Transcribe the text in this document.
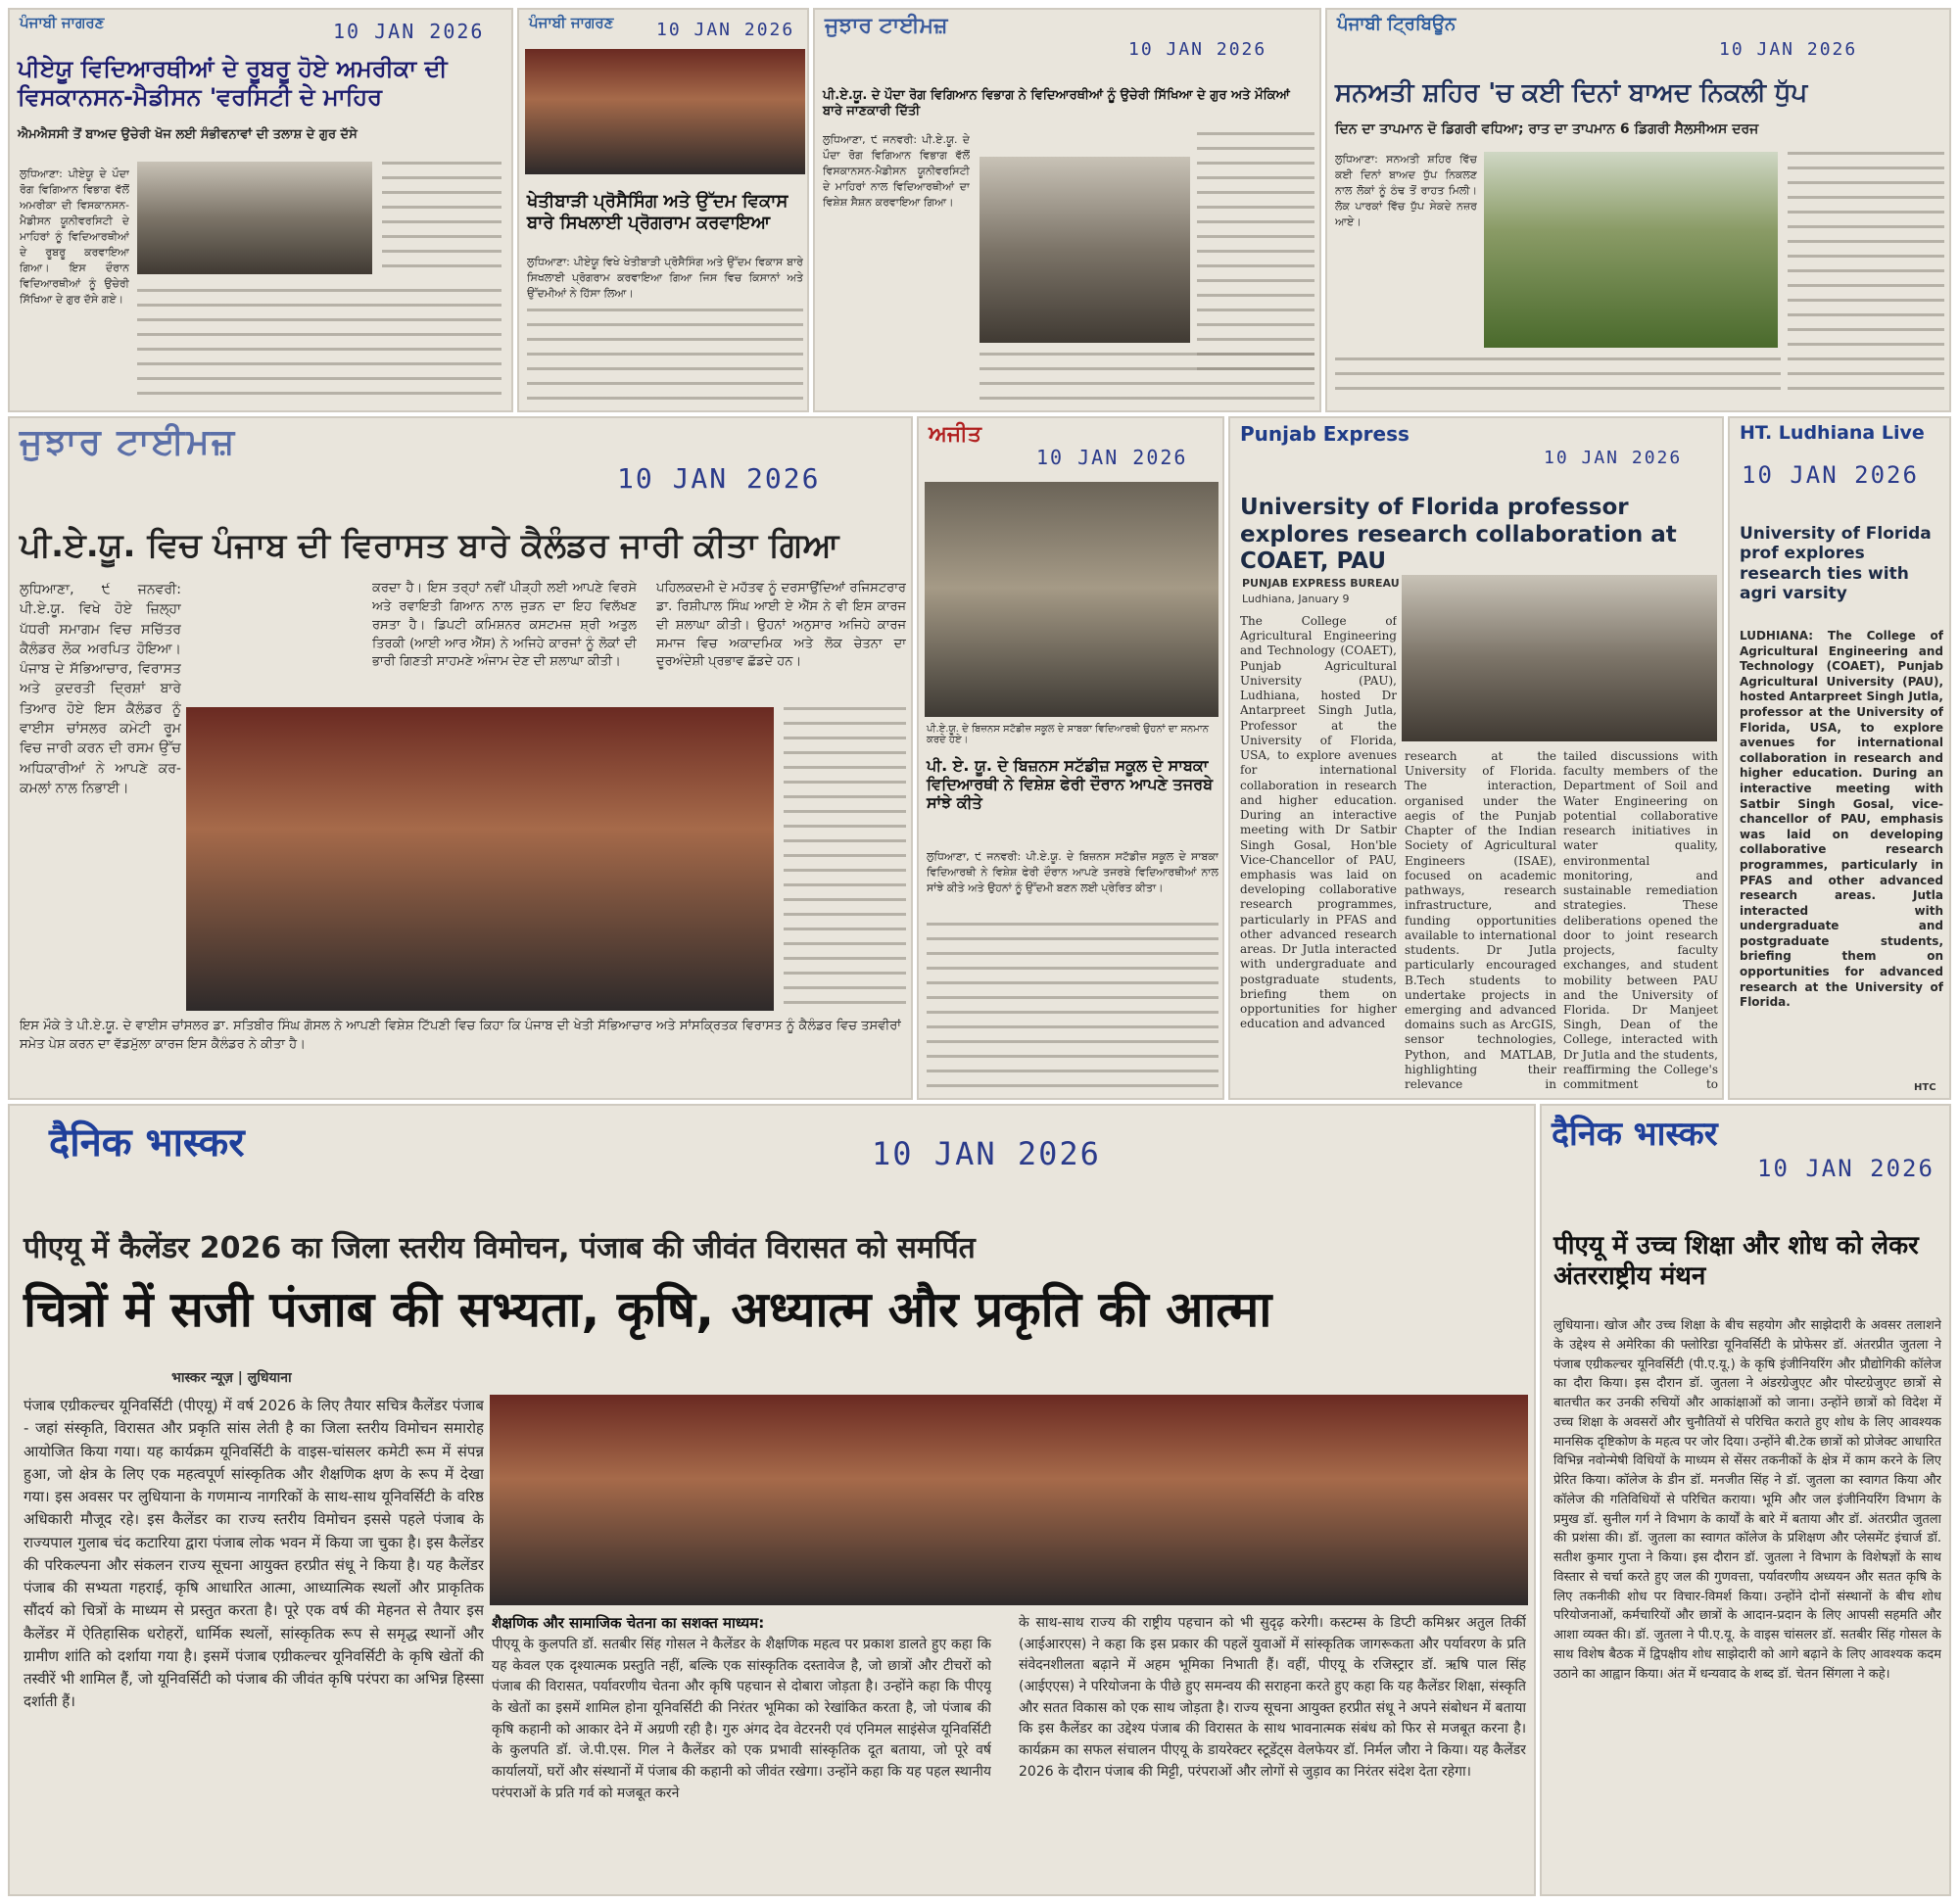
ਪੰਜਾਬੀ ਜਾਗਰਣ	10 JAN 2026
ਪੀਏਯੂ ਵਿਦਿਆਰਥੀਆਂ ਦੇ ਰੂਬਰੂ ਹੋਏ ਅਮਰੀਕਾ ਦੀ ਵਿਸਕਾਨਸਨ-ਮੈਡੀਸਨ 'ਵਰਸਿਟੀ ਦੇ ਮਾਹਿਰ
ਐਮਐਸਸੀ ਤੋਂ ਬਾਅਦ ਉਚੇਰੀ ਖੋਜ ਲਈ ਸੰਭੀਵਨਾਵਾਂ ਦੀ ਤਲਾਸ਼ ਦੇ ਗੁਰ ਦੱਸੇ
ਲੁਧਿਆਣਾ: ਪੀਏਯੂ ਦੇ ਪੌਦਾ ਰੋਗ ਵਿਗਿਆਨ ਵਿਭਾਗ ਵੱਲੋਂ ਅਮਰੀਕਾ ਦੀ ਵਿਸਕਾਨਸਨ-ਮੈਡੀਸਨ ਯੂਨੀਵਰਸਿਟੀ ਦੇ ਮਾਹਿਰਾਂ ਨੂੰ ਵਿਦਿਆਰਥੀਆਂ ਦੇ ਰੂਬਰੂ ਕਰਵਾਇਆ ਗਿਆ। ਇਸ ਦੌਰਾਨ ਵਿਦਿਆਰਥੀਆਂ ਨੂੰ ਉਚੇਰੀ ਸਿੱਖਿਆ ਦੇ ਗੁਰ ਦੱਸੇ ਗਏ।
ਪੰਜਾਬੀ ਜਾਗਰਣ 10 JAN 2026
ਖੇਤੀਬਾੜੀ ਪ੍ਰੋਸੈਸਿੰਗ ਅਤੇ ਉੱਦਮ ਵਿਕਾਸ ਬਾਰੇ ਸਿਖਲਾਈ ਪ੍ਰੋਗਰਾਮ ਕਰਵਾਇਆ
ਲੁਧਿਆਣਾ: ਪੀਏਯੂ ਵਿਖੇ ਖੇਤੀਬਾੜੀ ਪ੍ਰੋਸੈਸਿੰਗ ਅਤੇ ਉੱਦਮ ਵਿਕਾਸ ਬਾਰੇ ਸਿਖਲਾਈ ਪ੍ਰੋਗਰਾਮ ਕਰਵਾਇਆ ਗਿਆ ਜਿਸ ਵਿਚ ਕਿਸਾਨਾਂ ਅਤੇ ਉੱਦਮੀਆਂ ਨੇ ਹਿੱਸਾ ਲਿਆ।
ਜੁਝਾਰ ਟਾਈਮਜ਼
10 JAN 2026
ਪੀ.ਏ.ਯੂ. ਦੇ ਪੌਦਾ ਰੋਗ ਵਿਗਿਆਨ ਵਿਭਾਗ ਨੇ ਵਿਦਿਆਰਥੀਆਂ ਨੂੰ ਉਚੇਰੀ ਸਿੱਖਿਆ ਦੇ ਗੁਰ ਅਤੇ ਮੌਕਿਆਂ ਬਾਰੇ ਜਾਣਕਾਰੀ ਦਿੱਤੀ
ਲੁਧਿਆਣਾ, ੯ ਜਨਵਰੀ: ਪੀ.ਏ.ਯੂ. ਦੇ ਪੌਦਾ ਰੋਗ ਵਿਗਿਆਨ ਵਿਭਾਗ ਵੱਲੋਂ ਵਿਸਕਾਨਸਨ-ਮੈਡੀਸਨ ਯੂਨੀਵਰਸਿਟੀ ਦੇ ਮਾਹਿਰਾਂ ਨਾਲ ਵਿਦਿਆਰਥੀਆਂ ਦਾ ਵਿਸ਼ੇਸ਼ ਸੈਸ਼ਨ ਕਰਵਾਇਆ ਗਿਆ।
ਪੰਜਾਬੀ ਟ੍ਰਿਬਿਊਨ
10 JAN 2026
ਸਨਅਤੀ ਸ਼ਹਿਰ 'ਚ ਕਈ ਦਿਨਾਂ ਬਾਅਦ ਨਿਕਲੀ ਧੁੱਪ
ਦਿਨ ਦਾ ਤਾਪਮਾਨ ਦੋ ਡਿਗਰੀ ਵਧਿਆ; ਰਾਤ ਦਾ ਤਾਪਮਾਨ 6 ਡਿਗਰੀ ਸੈਲਸੀਅਸ ਦਰਜ
ਲੁਧਿਆਣਾ: ਸਨਅਤੀ ਸ਼ਹਿਰ ਵਿੱਚ ਕਈ ਦਿਨਾਂ ਬਾਅਦ ਧੁੱਪ ਨਿਕਲਣ ਨਾਲ ਲੋਕਾਂ ਨੂੰ ਠੰਢ ਤੋਂ ਰਾਹਤ ਮਿਲੀ। ਲੋਕ ਪਾਰਕਾਂ ਵਿੱਚ ਧੁੱਪ ਸੇਕਦੇ ਨਜ਼ਰ ਆਏ।
ਜੁਝਾਰ ਟਾਈਮਜ਼
10 JAN 2026
ਪੀ.ਏ.ਯੂ. ਵਿਚ ਪੰਜਾਬ ਦੀ ਵਿਰਾਸਤ ਬਾਰੇ ਕੈਲੰਡਰ ਜਾਰੀ ਕੀਤਾ ਗਿਆ
ਲੁਧਿਆਣਾ, ੯ ਜਨਵਰੀ: ਪੀ.ਏ.ਯੂ. ਵਿਖੇ ਹੋਏ ਜ਼ਿਲ੍ਹਾ ਪੱਧਰੀ ਸਮਾਗਮ ਵਿਚ ਸਚਿੱਤਰ ਕੈਲੰਡਰ ਲੋਕ ਅਰਪਿਤ ਹੋਇਆ। ਪੰਜਾਬ ਦੇ ਸੱਭਿਆਚਾਰ, ਵਿਰਾਸਤ ਅਤੇ ਕੁਦਰਤੀ ਦ੍ਰਿਸ਼ਾਂ ਬਾਰੇ ਤਿਆਰ ਹੋਏ ਇਸ ਕੈਲੰਡਰ ਨੂੰ ਵਾਈਸ ਚਾਂਸਲਰ ਕਮੇਟੀ ਰੂਮ ਵਿਚ ਜਾਰੀ ਕਰਨ ਦੀ ਰਸਮ ਉੱਚ ਅਧਿਕਾਰੀਆਂ ਨੇ ਆਪਣੇ ਕਰ-ਕਮਲਾਂ ਨਾਲ ਨਿਭਾਈ।
ਕਰਦਾ ਹੈ। ਇਸ ਤਰ੍ਹਾਂ ਨਵੀਂ ਪੀੜ੍ਹੀ ਲਈ ਆਪਣੇ ਵਿਰਸੇ ਅਤੇ ਰਵਾਇਤੀ ਗਿਆਨ ਨਾਲ ਜੁੜਨ ਦਾ ਇਹ ਵਿਲੱਖਣ ਰਸਤਾ ਹੈ। ਡਿਪਟੀ ਕਮਿਸ਼ਨਰ ਕਸਟਮਜ਼ ਸ਼੍ਰੀ ਅਤੁਲ ਤਿਰਕੀ (ਆਈ ਆਰ ਐੱਸ) ਨੇ ਅਜਿਹੇ ਕਾਰਜਾਂ ਨੂੰ ਲੋਕਾਂ ਦੀ ਭਾਰੀ ਗਿਣਤੀ ਸਾਹਮਣੇ ਅੰਜਾਮ ਦੇਣ ਦੀ ਸ਼ਲਾਘਾ ਕੀਤੀ।
ਪਹਿਲਕਦਮੀ ਦੇ ਮਹੱਤਵ ਨੂੰ ਦਰਸਾਉਂਦਿਆਂ ਰਜਿਸਟਰਾਰ ਡਾ. ਰਿਸ਼ੀਪਾਲ ਸਿੰਘ ਆਈ ਏ ਐੱਸ ਨੇ ਵੀ ਇਸ ਕਾਰਜ ਦੀ ਸ਼ਲਾਘਾ ਕੀਤੀ। ਉਹਨਾਂ ਅਨੁਸਾਰ ਅਜਿਹੇ ਕਾਰਜ ਸਮਾਜ ਵਿਚ ਅਕਾਦਮਿਕ ਅਤੇ ਲੋਕ ਚੇਤਨਾ ਦਾ ਦੂਰਅੰਦੇਸ਼ੀ ਪ੍ਰਭਾਵ ਛੱਡਦੇ ਹਨ।
ਇਸ ਮੌਕੇ ਤੇ ਪੀ.ਏ.ਯੂ. ਦੇ ਵਾਈਸ ਚਾਂਸਲਰ ਡਾ. ਸਤਿਬੀਰ ਸਿੰਘ ਗੋਸਲ ਨੇ ਆਪਣੀ ਵਿਸ਼ੇਸ਼ ਟਿੱਪਣੀ ਵਿਚ ਕਿਹਾ ਕਿ ਪੰਜਾਬ ਦੀ ਖੇਤੀ ਸੱਭਿਆਚਾਰ ਅਤੇ ਸਾਂਸਕ੍ਰਿਤਕ ਵਿਰਾਸਤ ਨੂੰ ਕੈਲੰਡਰ ਵਿਚ ਤਸਵੀਰਾਂ ਸਮੇਤ ਪੇਸ਼ ਕਰਨ ਦਾ ਵੱਡਮੁੱਲਾ ਕਾਰਜ ਇਸ ਕੈਲੰਡਰ ਨੇ ਕੀਤਾ ਹੈ।
ਅਜੀਤ
10 JAN 2026
ਪੀ.ਏ.ਯੂ. ਦੇ ਬਿਜ਼ਨਸ ਸਟੱਡੀਜ਼ ਸਕੂਲ ਦੇ ਸਾਬਕਾ ਵਿਦਿਆਰਥੀ ਉਹਨਾਂ ਦਾ ਸਨਮਾਨ ਕਰਦੇ ਹੋਏ।
ਪੀ. ਏ. ਯੂ. ਦੇ ਬਿਜ਼ਨਸ ਸਟੱਡੀਜ਼ ਸਕੂਲ ਦੇ ਸਾਬਕਾ ਵਿਦਿਆਰਥੀ ਨੇ ਵਿਸ਼ੇਸ਼ ਫੇਰੀ ਦੌਰਾਨ ਆਪਣੇ ਤਜਰਬੇ ਸਾਂਝੇ ਕੀਤੇ
ਲੁਧਿਆਣਾ, ੯ ਜਨਵਰੀ: ਪੀ.ਏ.ਯੂ. ਦੇ ਬਿਜ਼ਨਸ ਸਟੱਡੀਜ਼ ਸਕੂਲ ਦੇ ਸਾਬਕਾ ਵਿਦਿਆਰਥੀ ਨੇ ਵਿਸ਼ੇਸ਼ ਫੇਰੀ ਦੌਰਾਨ ਆਪਣੇ ਤਜਰਬੇ ਵਿਦਿਆਰਥੀਆਂ ਨਾਲ ਸਾਂਝੇ ਕੀਤੇ ਅਤੇ ਉਹਨਾਂ ਨੂੰ ਉੱਦਮੀ ਬਣਨ ਲਈ ਪ੍ਰੇਰਿਤ ਕੀਤਾ।
Punjab Express
10 JAN 2026
University of Florida professor explores research collaboration at COAET, PAU
PUNJAB EXPRESS BUREAU
Ludhiana, January 9
The College of Agricultural Engineering and Technology (COAET), Punjab Agricultural University (PAU), Ludhiana, hosted Dr Antarpreet Singh Jutla, Professor at the University of Florida, USA, to explore avenues for international collaboration in research and higher education. During an interactive meeting with Dr Satbir Singh Gosal, Hon'ble Vice-Chancellor of PAU, emphasis was laid on developing collaborative research programmes, particularly in PFAS and other advanced research areas. Dr Jutla interacted with undergraduate and postgraduate students, briefing them on opportunities for higher education and advanced
research at the University of Florida. The interaction, organised under the aegis of the Punjab Chapter of the Indian Society of Agricultural Engineers (ISAE), focused on academic pathways, research infrastructure, and funding opportunities available to international students. Dr Jutla particularly encouraged B.Tech students to undertake projects in emerging and advanced domains such as ArcGIS, sensor technologies, Python, and MATLAB, highlighting their relevance in
tailed discussions with faculty members of the Department of Soil and Water Engineering on potential collaborative research initiatives in water quality, environmental monitoring, and sustainable remediation strategies. These deliberations opened the door to joint research projects, faculty exchanges, and student mobility between PAU and the University of Florida. Dr Manjeet Singh, Dean of the College, interacted with Dr Jutla and the students, reaffirming the College's commitment to
HT. Ludhiana Live
10 JAN 2026
University of Florida prof explores research ties with agri varsity
LUDHIANA: The College of Agricultural Engineering and Technology (COAET), Punjab Agricultural University (PAU), hosted Antarpreet Singh Jutla, professor at the University of Florida, USA, to explore avenues for international collaboration in research and higher education. During an interactive meeting with Satbir Singh Gosal, vice-chancellor of PAU, emphasis was laid on developing collaborative research programmes, particularly in PFAS and other advanced research areas. Jutla interacted with undergraduate and postgraduate students, briefing them on opportunities for advanced research at the University of Florida.
HTC
दैनिक भास्कर	10 JAN 2026
पीएयू में कैलेंडर 2026 का जिला स्तरीय विमोचन, पंजाब की जीवंत विरासत को समर्पित
चित्रों में सजी पंजाब की सभ्यता, कृषि, अध्यात्म और प्रकृति की आत्मा
भास्कर न्यूज़ | लुधियाना
पंजाब एग्रीकल्चर यूनिवर्सिटी (पीएयू) में वर्ष 2026 के लिए तैयार सचित्र कैलेंडर पंजाब - जहां संस्कृति, विरासत और प्रकृति सांस लेती है का जिला स्तरीय विमोचन समारोह आयोजित किया गया। यह कार्यक्रम यूनिवर्सिटी के वाइस-चांसलर कमेटी रूम में संपन्न हुआ, जो क्षेत्र के लिए एक महत्वपूर्ण सांस्कृतिक और शैक्षणिक क्षण के रूप में देखा गया। इस अवसर पर लुधियाना के गणमान्य नागरिकों के साथ-साथ यूनिवर्सिटी के वरिष्ठ अधिकारी मौजूद रहे। इस कैलेंडर का राज्य स्तरीय विमोचन इससे पहले पंजाब के राज्यपाल गुलाब चंद कटारिया द्वारा पंजाब लोक भवन में किया जा चुका है। इस कैलेंडर की परिकल्पना और संकलन राज्य सूचना आयुक्त हरप्रीत संधू ने किया है। यह कैलेंडर पंजाब की सभ्यता गहराई, कृषि आधारित आत्मा, आध्यात्मिक स्थलों और प्राकृतिक सौंदर्य को चित्रों के माध्यम से प्रस्तुत करता है। पूरे एक वर्ष की मेहनत से तैयार इस कैलेंडर में ऐतिहासिक धरोहरों, धार्मिक स्थलों, सांस्कृतिक रूप से समृद्ध स्थानों और ग्रामीण शांति को दर्शाया गया है। इसमें पंजाब एग्रीकल्चर यूनिवर्सिटी के कृषि खेतों की तस्वीरें भी शामिल हैं, जो यूनिवर्सिटी को पंजाब की जीवंत कृषि परंपरा का अभिन्न हिस्सा दर्शाती हैं।
शैक्षणिक और सामाजिक चेतना का सशक्त माध्यम:
पीएयू के कुलपति डॉ. सतबीर सिंह गोसल ने कैलेंडर के शैक्षणिक महत्व पर प्रकाश डालते हुए कहा कि यह केवल एक दृश्यात्मक प्रस्तुति नहीं, बल्कि एक सांस्कृतिक दस्तावेज है, जो छात्रों और टीचरों को पंजाब की विरासत, पर्यावरणीय चेतना और कृषि पहचान से दोबारा जोड़ता है। उन्होंने कहा कि पीएयू के खेतों का इसमें शामिल होना यूनिवर्सिटी की निरंतर भूमिका को रेखांकित करता है, जो पंजाब की कृषि कहानी को आकार देने में अग्रणी रही है। गुरु अंगद देव वेटरनरी एवं एनिमल साइंसेज यूनिवर्सिटी के कुलपति डॉ. जे.पी.एस. गिल ने कैलेंडर को एक प्रभावी सांस्कृतिक दूत बताया, जो पूरे वर्ष कार्यालयों, घरों और संस्थानों में पंजाब की कहानी को जीवंत रखेगा। उन्होंने कहा कि यह पहल स्थानीय परंपराओं के प्रति गर्व को मजबूत करने
के साथ-साथ राज्य की राष्ट्रीय पहचान को भी सुदृढ़ करेगी। कस्टम्स के डिप्टी कमिश्नर अतुल तिर्की (आईआरएस) ने कहा कि इस प्रकार की पहलें युवाओं में सांस्कृतिक जागरूकता और पर्यावरण के प्रति संवेदनशीलता बढ़ाने में अहम भूमिका निभाती हैं। वहीं, पीएयू के रजिस्ट्रार डॉ. ऋषि पाल सिंह (आईएएस) ने परियोजना के पीछे हुए समन्वय की सराहना करते हुए कहा कि यह कैलेंडर शिक्षा, संस्कृति और सतत विकास को एक साथ जोड़ता है। राज्य सूचना आयुक्त हरप्रीत संधू ने अपने संबोधन में बताया कि इस कैलेंडर का उद्देश्य पंजाब की विरासत के साथ भावनात्मक संबंध को फिर से मजबूत करना है। कार्यक्रम का सफल संचालन पीएयू के डायरेक्टर स्टूडेंट्स वेलफेयर डॉ. निर्मल जौरा ने किया। यह कैलेंडर 2026 के दौरान पंजाब की मिट्टी, परंपराओं और लोगों से जुड़ाव का निरंतर संदेश देता रहेगा।
दैनिक भास्कर
10 JAN 2026
पीएयू में उच्च शिक्षा और शोध को लेकर अंतरराष्ट्रीय मंथन
लुधियाना। खोज और उच्च शिक्षा के बीच सहयोग और साझेदारी के अवसर तलाशने के उद्देश्य से अमेरिका की फ्लोरिडा यूनिवर्सिटी के प्रोफेसर डॉ. अंतरप्रीत जुतला ने पंजाब एग्रीकल्चर यूनिवर्सिटी (पी.ए.यू.) के कृषि इंजीनियरिंग और प्रौद्योगिकी कॉलेज का दौरा किया। इस दौरान डॉ. जुतला ने अंडरग्रेजुएट और पोस्टग्रेजुएट छात्रों से बातचीत कर उनकी रुचियों और आकांक्षाओं को जाना। उन्होंने छात्रों को विदेश में उच्च शिक्षा के अवसरों और चुनौतियों से परिचित कराते हुए शोध के लिए आवश्यक मानसिक दृष्टिकोण के महत्व पर जोर दिया। उन्होंने बी.टेक छात्रों को प्रोजेक्ट आधारित विभिन्न नवोन्मेषी विधियों के माध्यम से सेंसर तकनीकों के क्षेत्र में काम करने के लिए प्रेरित किया। कॉलेज के डीन डॉ. मनजीत सिंह ने डॉ. जुतला का स्वागत किया और कॉलेज की गतिविधियों से परिचित कराया। भूमि और जल इंजीनियरिंग विभाग के प्रमुख डॉ. सुनील गर्ग ने विभाग के कार्यों के बारे में बताया और डॉ. अंतरप्रीत जुतला की प्रशंसा की। डॉ. जुतला का स्वागत कॉलेज के प्रशिक्षण और प्लेसमेंट इंचार्ज डॉ. सतीश कुमार गुप्ता ने किया। इस दौरान डॉ. जुतला ने विभाग के विशेषज्ञों के साथ विस्तार से चर्चा करते हुए जल की गुणवत्ता, पर्यावरणीय अध्ययन और सतत कृषि के लिए तकनीकी शोध पर विचार-विमर्श किया। उन्होंने दोनों संस्थानों के बीच शोध परियोजनाओं, कर्मचारियों और छात्रों के आदान-प्रदान के लिए आपसी सहमति और आशा व्यक्त की। डॉ. जुतला ने पी.ए.यू. के वाइस चांसलर डॉ. सतबीर सिंह गोसल के साथ विशेष बैठक में द्विपक्षीय शोध साझेदारी को आगे बढ़ाने के लिए आवश्यक कदम उठाने का आह्वान किया। अंत में धन्यवाद के शब्द डॉ. चेतन सिंगला ने कहे।
